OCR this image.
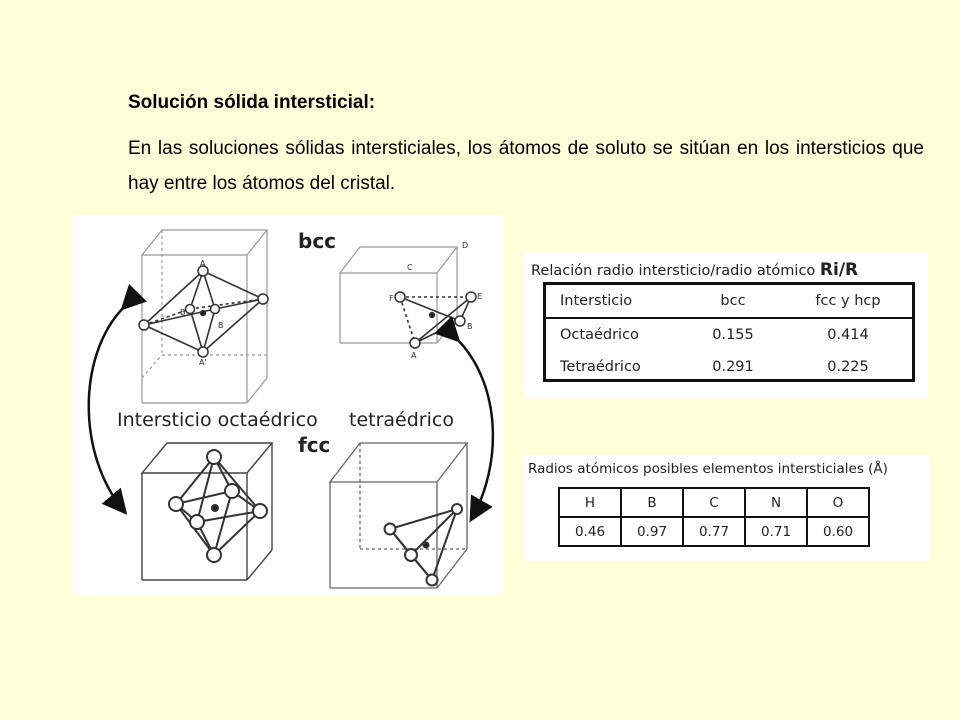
Solución sólida intersticial:

En las soluciones sólidas intersticiales, los átomos de soluto se sitúan en los intersticios que hay entre los átomos del cristal.

A
B
B
A'
C
D
F	E
B
A
bcc
fcc
Intersticio octaédrico tetraédrico
Relación radio intersticio/radio atómico Ri/R
Intersticio	bcc	fcc y hcp
Octaédrico	0.155	0.414
Tetraédrico	0.291	0.225
Radios atómicos posibles elementos intersticiales (Å)
H	B	C	N	O
0.46	0.97	0.77	0.71	0.60
